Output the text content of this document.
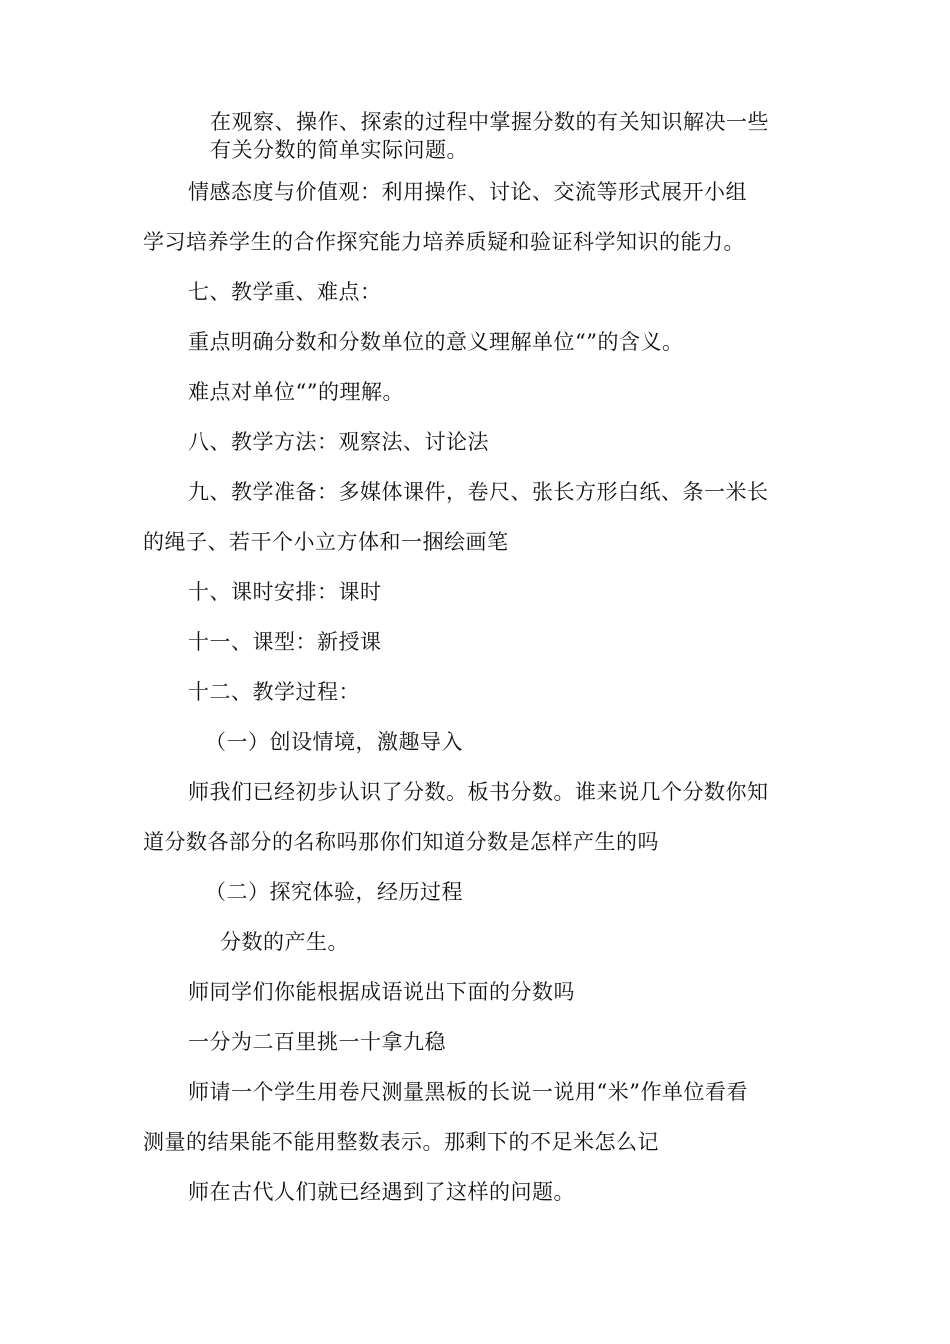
在观察、操作、探索的过程中掌握分数的有关知识解决一些
有关分数的简单实际问题。
情感态度与价值观：利用操作、讨论、交流等形式展开小组
学习培养学生的合作探究能力培养质疑和验证科学知识的能力。
七、教学重、难点：
重点明确分数和分数单位的意义理解单位“”的含义。
难点对单位“”的理解。
八、教学方法：观察法、讨论法
九、教学准备：多媒体课件，卷尺、张长方形白纸、条一米长
的绳子、若干个小立方体和一捆绘画笔
十、课时安排：课时
十一、课型：新授课
十二、教学过程：
（一）创设情境，激趣导入
师我们已经初步认识了分数。板书分数。谁来说几个分数你知
道分数各部分的名称吗那你们知道分数是怎样产生的吗
（二）探究体验，经历过程
分数的产生。
师同学们你能根据成语说出下面的分数吗
一分为二百里挑一十拿九稳
师请一个学生用卷尺测量黑板的长说一说用“米”作单位看看
测量的结果能不能用整数表示。那剩下的不足米怎么记
师在古代人们就已经遇到了这样的问题。
